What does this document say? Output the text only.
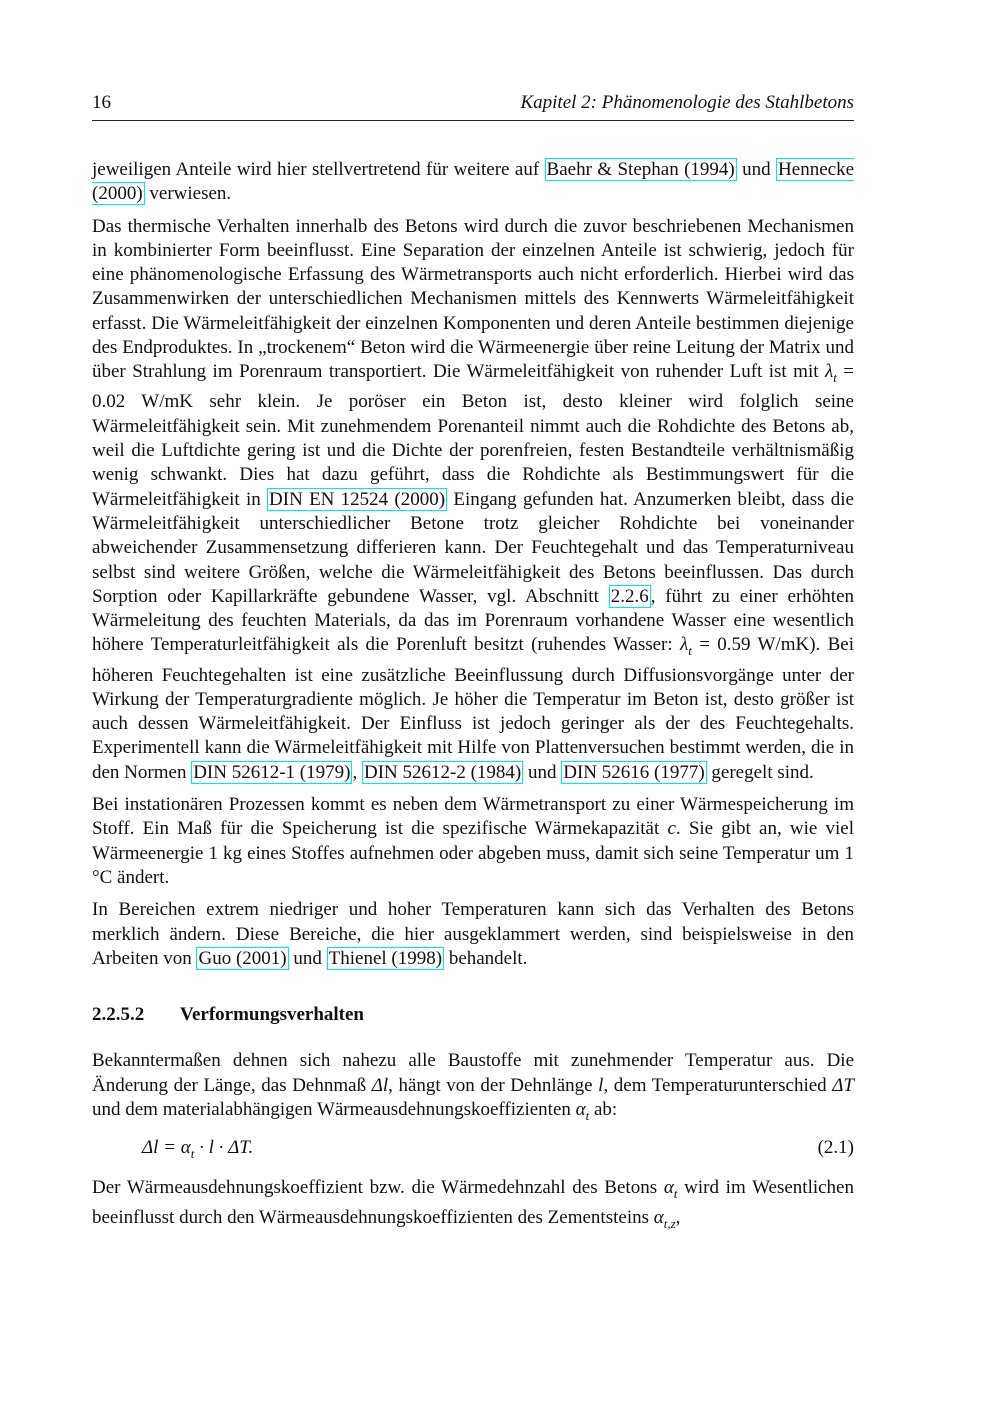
16	Kapitel 2: Phänomenologie des Stahlbetons

jeweiligen Anteile wird hier stellvertretend für weitere auf Baehr & Stephan (1994) und Hennecke (2000) verwiesen.

Das thermische Verhalten innerhalb des Betons wird durch die zuvor beschriebenen Mechanismen in kombinierter Form beeinflusst. Eine Separation der einzelnen Anteile ist schwierig, jedoch für eine phänomenologische Erfassung des Wärmetransports auch nicht erforderlich. Hierbei wird das Zusammenwirken der unterschiedlichen Mechanismen mittels des Kennwerts Wärmeleitfähigkeit erfasst. Die Wärmeleitfähigkeit der einzelnen Komponenten und deren Anteile bestimmen diejenige des Endproduktes. In „trockenem“ Beton wird die Wärmeenergie über reine Leitung der Matrix und über Strahlung im Porenraum transportiert. Die Wärmeleitfähigkeit von ruhender Luft ist mit $\lambda_t = 0.02$ W/mK sehr klein. Je poröser ein Beton ist, desto kleiner wird folglich seine Wärmeleitfähigkeit sein. Mit zunehmendem Porenanteil nimmt auch die Rohdichte des Betons ab, weil die Luftdichte gering ist und die Dichte der porenfreien, festen Bestandteile verhältnismäßig wenig schwankt. Dies hat dazu geführt, dass die Rohdichte als Bestimmungswert für die Wärmeleitfähigkeit in DIN EN 12524 (2000) Eingang gefunden hat. Anzumerken bleibt, dass die Wärmeleitfähigkeit unterschiedlicher Betone trotz gleicher Rohdichte bei voneinander abweichender Zusammensetzung differieren kann. Der Feuchtegehalt und das Temperaturniveau selbst sind weitere Größen, welche die Wärmeleitfähigkeit des Betons beeinflussen. Das durch Sorption oder Kapillarkräfte gebundene Wasser, vgl. Abschnitt 2.2.6 , führt zu einer erhöhten Wärmeleitung des feuchten Materials, da das im Porenraum vorhandene Wasser eine wesentlich höhere Temperaturleitfähigkeit als die Porenluft besitzt (ruhendes Wasser: $\lambda_t = 0.59$ W/mK). Bei höheren Feuchtegehalten ist eine zusätzliche Beeinflussung durch Diffusionsvorgänge unter der Wirkung der Temperaturgradiente möglich. Je höher die Temperatur im Beton ist, desto größer ist auch dessen Wärmeleitfähigkeit. Der Einfluss ist jedoch geringer als der des Feuchtegehalts. Experimentell kann die Wärmeleitfähigkeit mit Hilfe von Plattenversuchen bestimmt werden, die in den Normen DIN 52612-1 (1979) , DIN 52612-2 (1984) und DIN 52616 (1977) geregelt sind.

Bei instationären Prozessen kommt es neben dem Wärmetransport zu einer Wärmespeicherung im Stoff. Ein Maß für die Speicherung ist die spezifische Wärmekapazität c. Sie gibt an, wie viel Wärmeenergie 1 kg eines Stoffes aufnehmen oder abgeben muss, damit sich seine Temperatur um 1 °C ändert.

In Bereichen extrem niedriger und hoher Temperaturen kann sich das Verhalten des Betons merklich ändern. Diese Bereiche, die hier ausgeklammert werden, sind beispielsweise in den Arbeiten von Guo (2001) und Thienel (1998) behandelt.

2.2.5.2 Verformungsverhalten

Bekanntermaßen dehnen sich nahezu alle Baustoffe mit zunehmender Temperatur aus. Die Änderung der Länge, das Dehnmaß Δl, hängt von der Dehnlänge l, dem Temperaturunterschied ΔT und dem materialabhängigen Wärmeausdehnungskoeffizienten $\alpha_t$ ab:

$\Delta l = \alpha_t \cdot l \cdot \Delta T$.	(2.1)

Der Wärmeausdehnungskoeffizient bzw. die Wärmedehnzahl des Betons $\alpha_t$ wird im Wesentlichen beeinflusst durch den Wärmeausdehnungskoeffizienten des Zementsteins $\alpha_{t,z}$,
